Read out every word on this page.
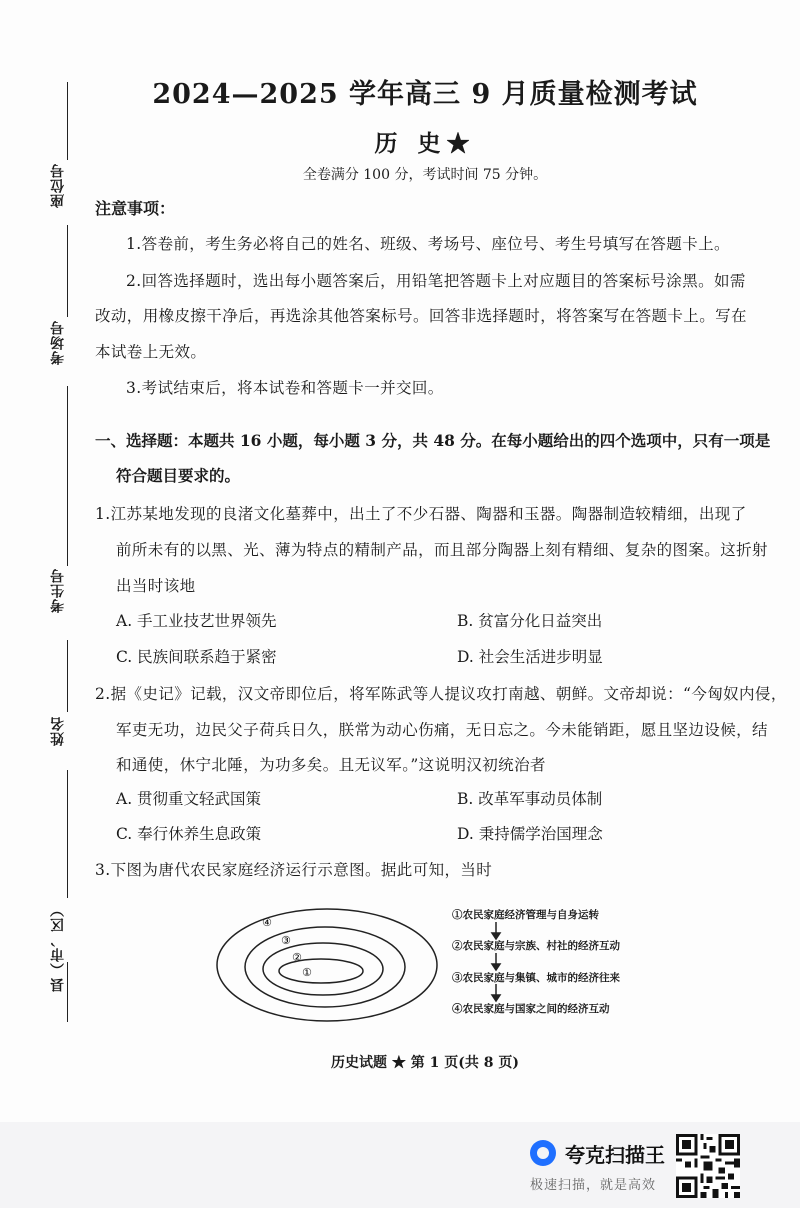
座位号
考场号
考生号
姓名
县（市、区）
2024—2025 学年高三 9 月质量检测考试
历 史★
全卷满分 100 分，考试时间 75 分钟。
注意事项：
1.答卷前，考生务必将自己的姓名、班级、考场号、座位号、考生号填写在答题卡上。
2.回答选择题时，选出每小题答案后，用铅笔把答题卡上对应题目的答案标号涂黑。如需
改动，用橡皮擦干净后，再选涂其他答案标号。回答非选择题时，将答案写在答题卡上。写在
本试卷上无效。
3.考试结束后，将本试卷和答题卡一并交回。
一、选择题：本题共 16 小题，每小题 3 分，共 48 分。在每小题给出的四个选项中，只有一项是
符合题目要求的。
1.江苏某地发现的良渚文化墓葬中，出土了不少石器、陶器和玉器。陶器制造较精细，出现了
前所未有的以黑、光、薄为特点的精制产品，而且部分陶器上刻有精细、复杂的图案。这折射
出当时该地
A. 手工业技艺世界领先	B. 贫富分化日益突出
C. 民族间联系趋于紧密	D. 社会生活进步明显
2.据《史记》记载，汉文帝即位后，将军陈武等人提议攻打南越、朝鲜。文帝却说：“今匈奴内侵，
军吏无功，边民父子荷兵日久，朕常为动心伤痛，无日忘之。今未能销距，愿且坚边设候，结
和通使，休宁北陲，为功多矣。且无议军。”这说明汉初统治者
A. 贯彻重文轻武国策	B. 改革军事动员体制
C. 奉行休养生息政策	D. 秉持儒学治国理念
3.下图为唐代农民家庭经济运行示意图。据此可知，当时
①
②
③
④
①农民家庭经济管理与自身运转
②农民家庭与宗族、村社的经济互动
③农民家庭与集镇、城市的经济往来
④农民家庭与国家之间的经济互动
历史试题 ★ 第 1 页(共 8 页)
夸克扫描王
极速扫描，就是高效
